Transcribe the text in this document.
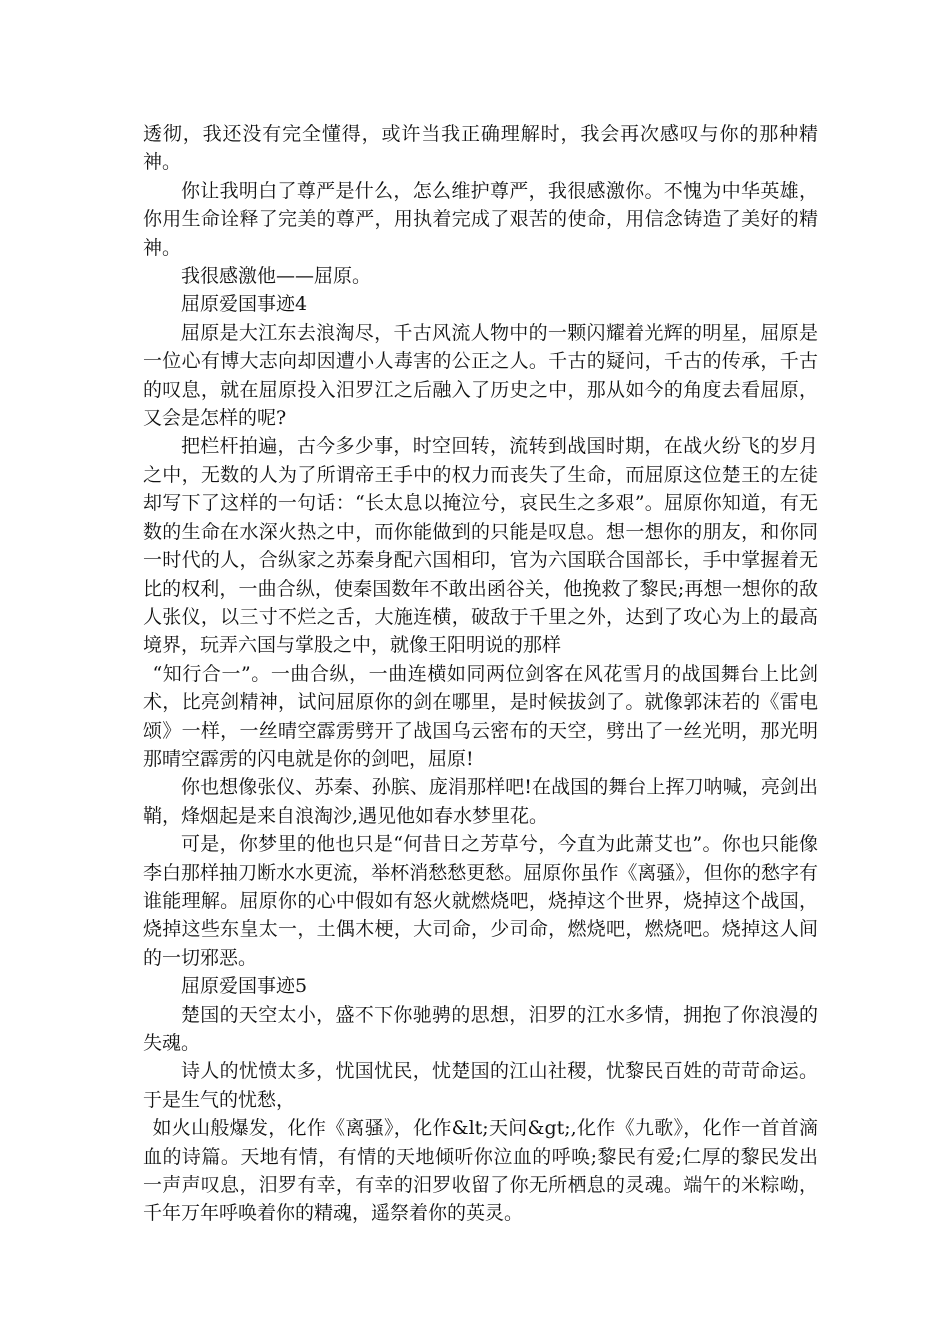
透彻，我还没有完全懂得，或许当我正确理解时，我会再次感叹与你的那种精神。

你让我明白了尊严是什么，怎么维护尊严，我很感激你。不愧为中华英雄，你用生命诠释了完美的尊严，用执着完成了艰苦的使命，用信念铸造了美好的精神。

我很感激他——屈原。

屈原爱国事迹4

屈原是大江东去浪淘尽，千古风流人物中的一颗闪耀着光辉的明星，屈原是一位心有博大志向却因遭小人毒害的公正之人。千古的疑问，千古的传承，千古的叹息，就在屈原投入汨罗江之后融入了历史之中，那从如今的角度去看屈原，又会是怎样的呢?

把栏杆拍遍，古今多少事，时空回转，流转到战国时期，在战火纷飞的岁月之中，无数的人为了所谓帝王手中的权力而丧失了生命，而屈原这位楚王的左徒却写下了这样的一句话：“长太息以掩泣兮，哀民生之多艰”。屈原你知道，有无数的生命在水深火热之中，而你能做到的只能是叹息。想一想你的朋友，和你同一时代的人，合纵家之苏秦身配六国相印，官为六国联合国部长，手中掌握着无比的权利，一曲合纵，使秦国数年不敢出函谷关，他挽救了黎民;再想一想你的敌人张仪，以三寸不烂之舌，大施连横，破敌于千里之外，达到了攻心为上的最高境界，玩弄六国与掌股之中，就像王阳明说的那样

“知行合一”。一曲合纵，一曲连横如同两位剑客在风花雪月的战国舞台上比剑术，比亮剑精神，试问屈原你的剑在哪里，是时候拔剑了。就像郭沫若的《雷电颂》一样，一丝晴空霹雳劈开了战国乌云密布的天空，劈出了一丝光明，那光明那晴空霹雳的闪电就是你的剑吧，屈原!

你也想像张仪、苏秦、孙膑、庞涓那样吧!在战国的舞台上挥刀呐喊，亮剑出鞘，烽烟起是来自浪淘沙,遇见他如春水梦里花。

可是，你梦里的他也只是“何昔日之芳草兮，今直为此萧艾也”。你也只能像李白那样抽刀断水水更流，举杯消愁愁更愁。屈原你虽作《离骚》，但你的愁字有谁能理解。屈原你的心中假如有怒火就燃烧吧，烧掉这个世界，烧掉这个战国，烧掉这些东皇太一，土偶木梗，大司命，少司命，燃烧吧，燃烧吧。烧掉这人间的一切邪恶。

屈原爱国事迹5

楚国的天空太小，盛不下你驰骋的思想，汨罗的江水多情，拥抱了你浪漫的失魂。

诗人的忧愤太多，忧国忧民，忧楚国的江山社稷，忧黎民百姓的苛苛命运。于是生气的忧愁，

如火山般爆发，化作《离骚》，化作&lt;天问&gt;,化作《九歌》，化作一首首滴血的诗篇。天地有情，有情的天地倾听你泣血的呼唤;黎民有爱;仁厚的黎民发出一声声叹息，汨罗有幸，有幸的汨罗收留了你无所栖息的灵魂。端午的米粽呦，千年万年呼唤着你的精魂，遥祭着你的英灵。
